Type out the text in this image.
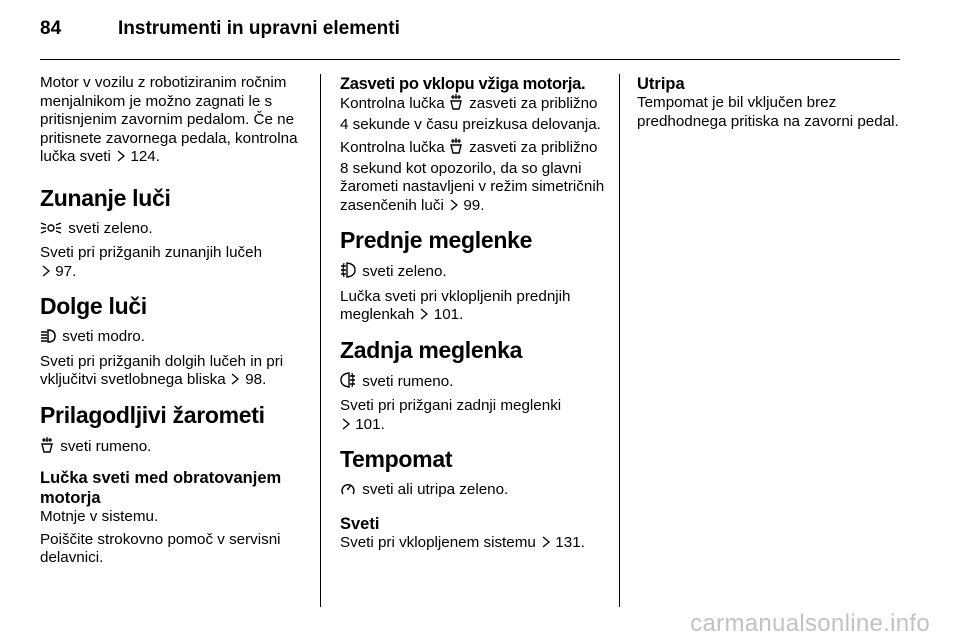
84	Instrumenti in upravni elementi

Motor v vozilu z robotiziranim ročnim menjalnikom je možno zagnati le s pritisnjenim zavornim pedalom. Če ne pritisnete zavornega pedala, kontrolna lučka sveti 124.

Zunanje luči

sveti zeleno.

Sveti pri prižganih zunanjih lučeh
97.

Dolge luči

sveti modro.

Sveti pri prižganih dolgih lučeh in pri vključitvi svetlobnega bliska 98.

Prilagodljivi žarometi

sveti rumeno.

Lučka sveti med obratovanjem motorja

Motnje v sistemu.

Poiščite strokovno pomoč v servisni delavnici.

Zasveti po vklopu vžiga motorja.

Kontrolna lučka zasveti za približno 4 sekunde v času preizkusa delovanja.

Kontrolna lučka zasveti za približno 8 sekund kot opozorilo, da so glavni žarometi nastavljeni v režim simetričnih zasenčenih luči 99.

Prednje meglenke

sveti zeleno.

Lučka sveti pri vklopljenih prednjih meglenkah 101.

Zadnja meglenka

sveti rumeno.

Sveti pri prižgani zadnji meglenki
101.

Tempomat

sveti ali utripa zeleno.

Sveti

Sveti pri vklopljenem sistemu 131.

Utripa

Tempomat je bil vključen brez predhodnega pritiska na zavorni pedal.

carmanualsonline.info
